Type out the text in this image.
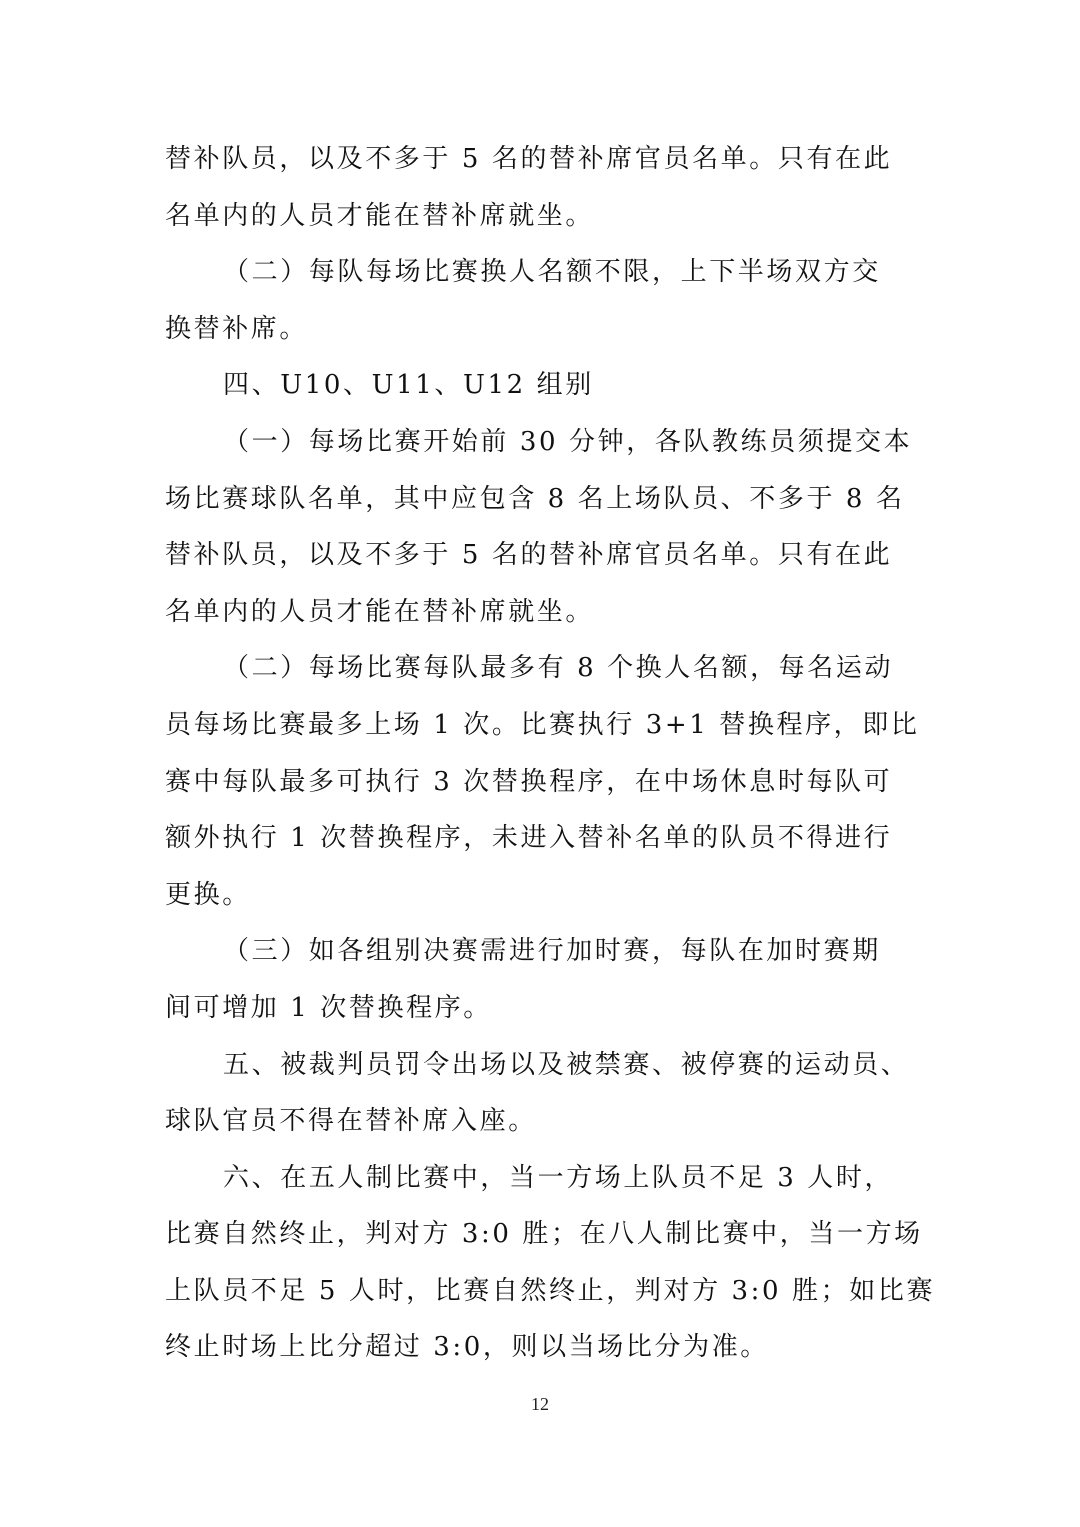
替补队员，以及不多于 5 名的替补席官员名单。只有在此
名单内的人员才能在替补席就坐。
（二）每队每场比赛换人名额不限，上下半场双方交
换替补席。
四、U10、U11、U12 组别
（一）每场比赛开始前 30 分钟，各队教练员须提交本
场比赛球队名单，其中应包含 8 名上场队员、不多于 8 名
替补队员，以及不多于 5 名的替补席官员名单。只有在此
名单内的人员才能在替补席就坐。
（二）每场比赛每队最多有 8 个换人名额，每名运动
员每场比赛最多上场 1 次。比赛执行 3+1 替换程序，即比
赛中每队最多可执行 3 次替换程序，在中场休息时每队可
额外执行 1 次替换程序，未进入替补名单的队员不得进行
更换。
（三）如各组别决赛需进行加时赛，每队在加时赛期
间可增加 1 次替换程序。
五、被裁判员罚令出场以及被禁赛、被停赛的运动员、
球队官员不得在替补席入座。
六、在五人制比赛中，当一方场上队员不足 3 人时，
比赛自然终止，判对方 3:0 胜；在八人制比赛中，当一方场
上队员不足 5 人时，比赛自然终止，判对方 3:0 胜；如比赛
终止时场上比分超过 3:0，则以当场比分为准。
12
